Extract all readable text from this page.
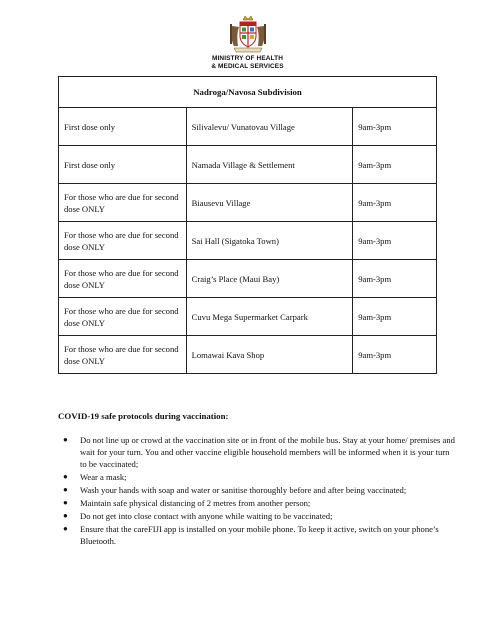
MINISTRY OF HEALTH
& MEDICAL SERVICES
Nadroga/Navosa Subdivision		
First dose only	Silivalevu/ Vunatovau Village	9am-3pm
First dose only	Namada Village & Settlement	9am-3pm
For those who are due for second dose ONLY	Biausevu Village	9am-3pm
For those who are due for second dose ONLY	Sai Hall (Sigatoka Town)	9am-3pm
For those who are due for second dose ONLY	Craig’s Place (Maui Bay)	9am-3pm
For those who are due for second dose ONLY	Cuvu Mega Supermarket Carpark	9am-3pm
For those who are due for second dose ONLY	Lomawai Kava Shop	9am-3pm
COVID-19 safe protocols during vaccination:
● Do not line up or crowd at the vaccination site or in front of the mobile bus. Stay at your home/ premises and wait for your turn. You and other vaccine eligible household members will be informed when it is your turn to be vaccinated;
● Wear a mask;
● Wash your hands with soap and water or sanitise thoroughly before and after being vaccinated;
● Maintain safe physical distancing of 2 metres from another person;
● Do not get into close contact with anyone while waiting to be vaccinated;
● Ensure that the careFIJI app is installed on your mobile phone. To keep it active, switch on your phone’s Bluetooth.
